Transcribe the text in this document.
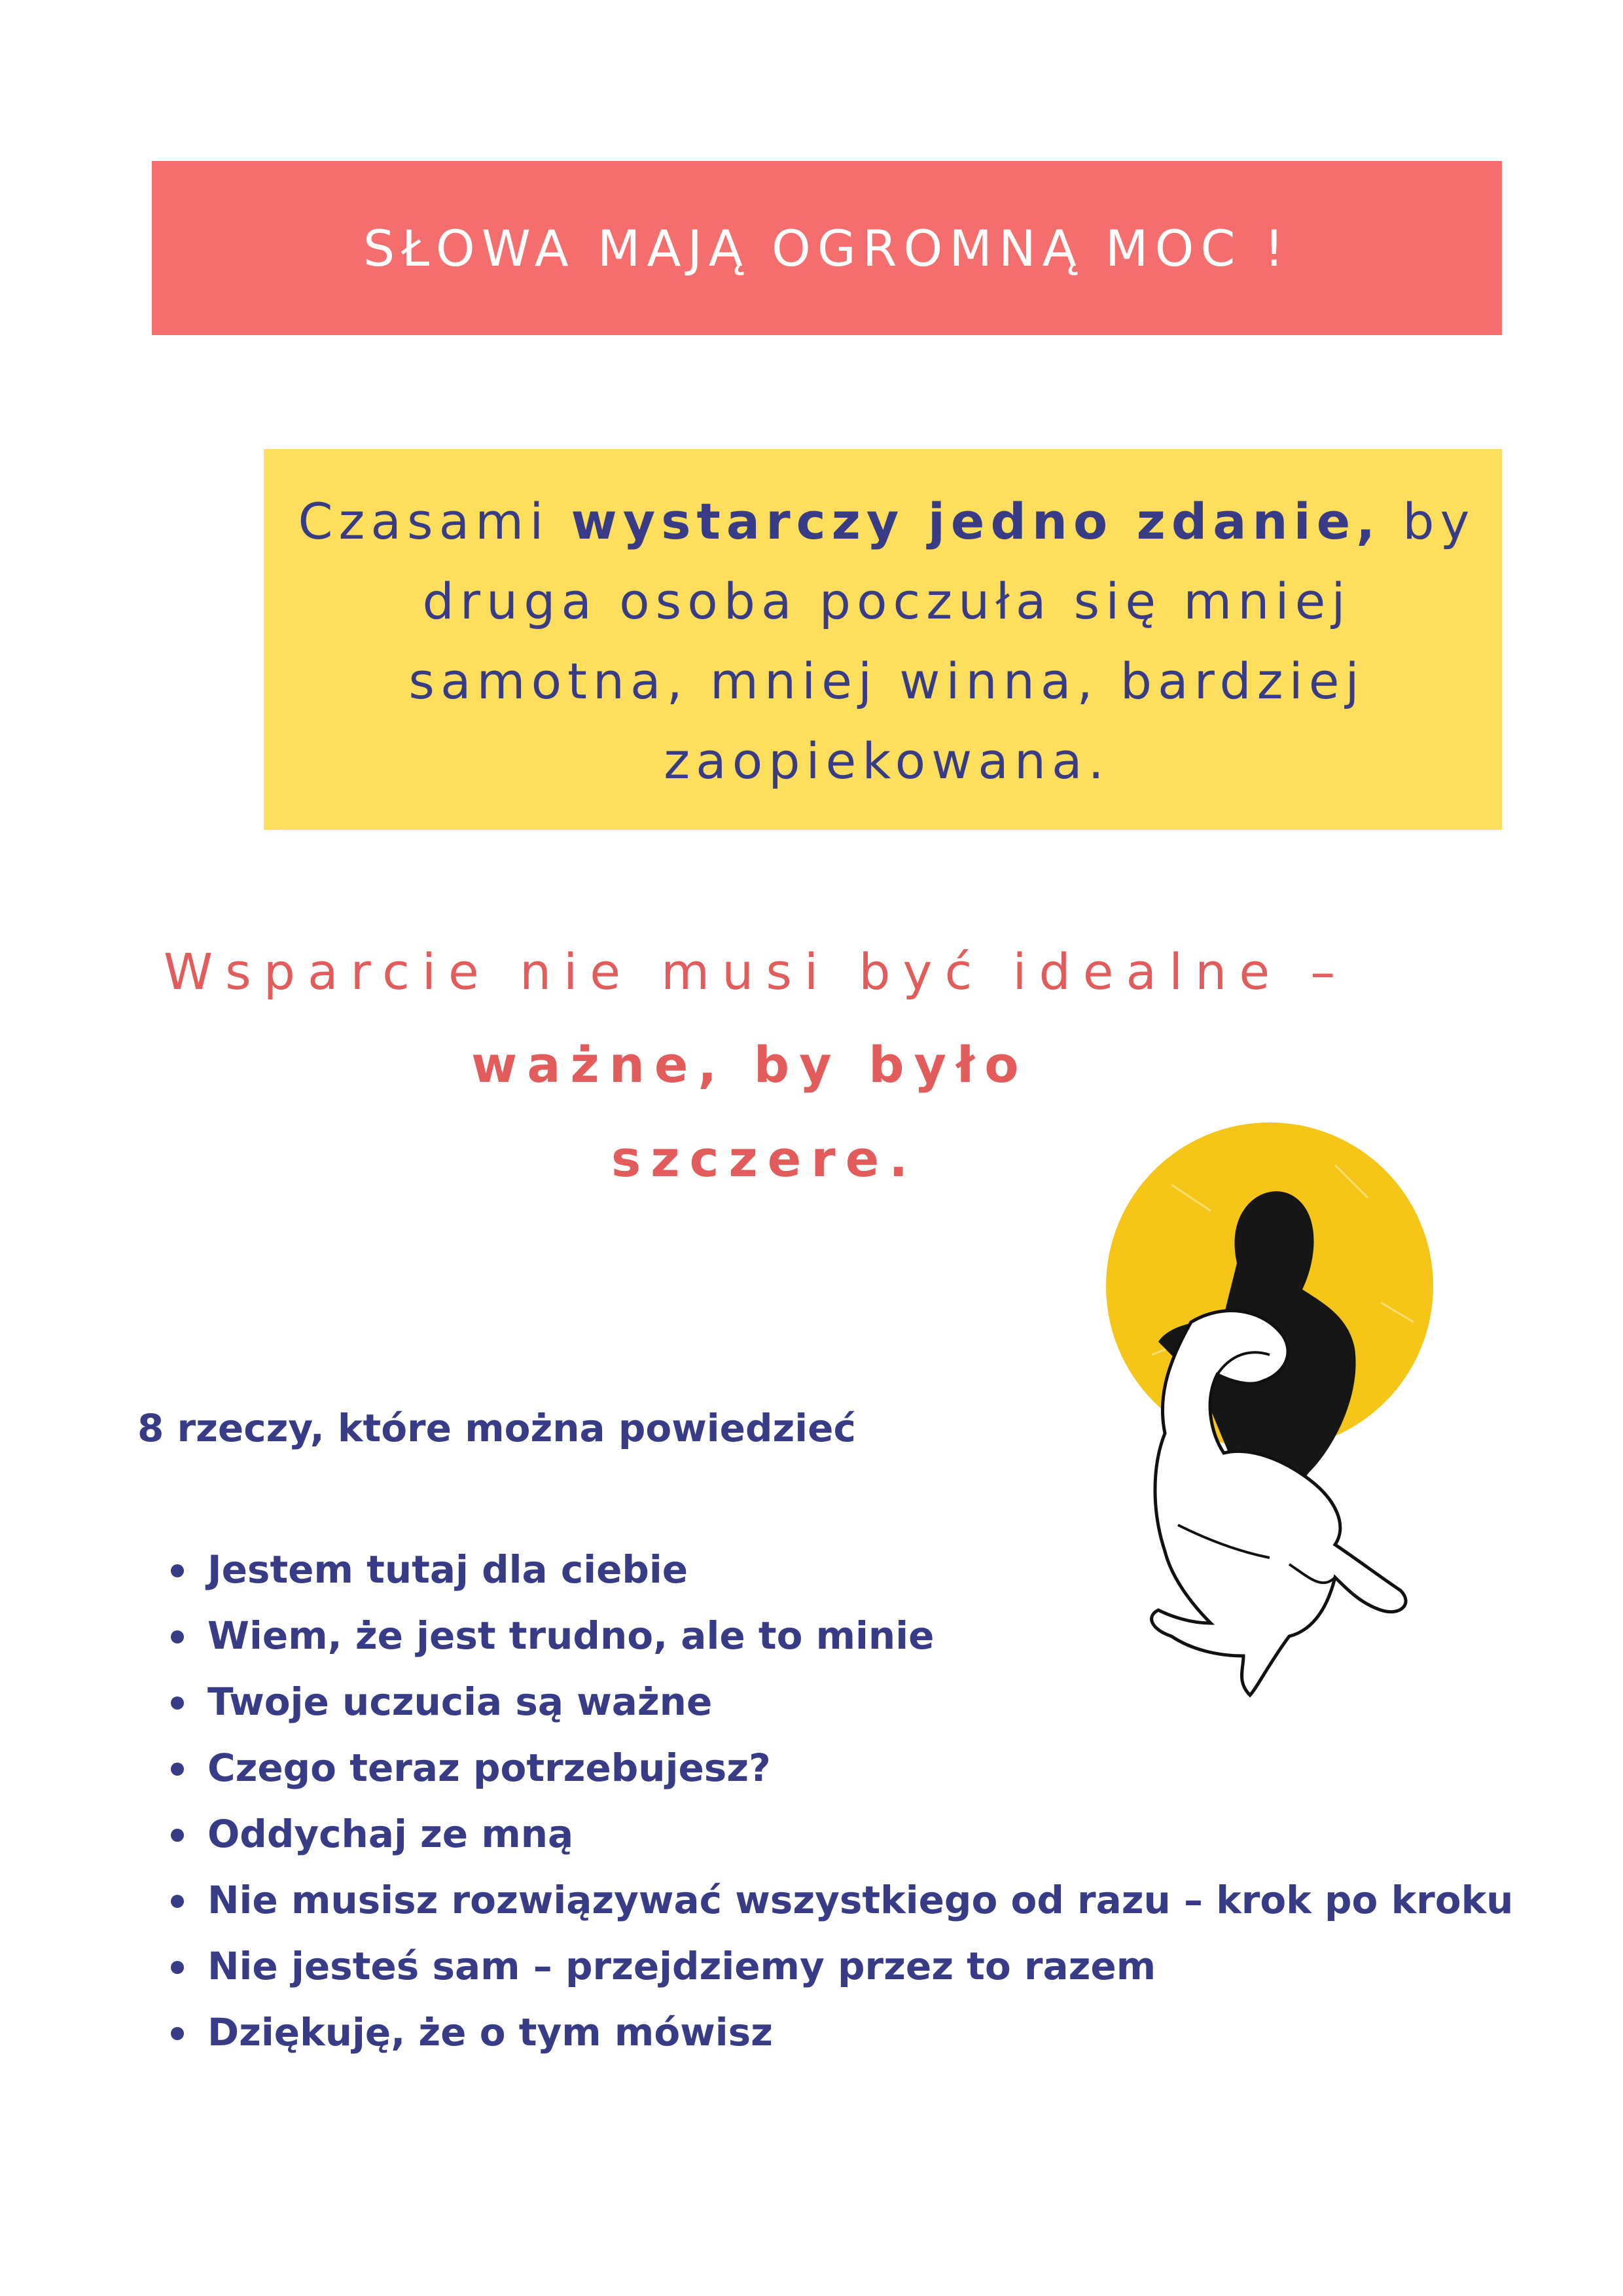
SŁOWA MAJĄ OGROMNĄ MOC !
Czasami wystarczy jedno zdanie, by druga osoba poczuła się mniej samotna, mniej winna, bardziej zaopiekowana.
Wsparcie nie musi być idealne –
ważne, by było
szczere.
8 rzeczy, które można powiedzieć
Jestem tutaj dla ciebie
Wiem, że jest trudno, ale to minie
Twoje uczucia są ważne
Czego teraz potrzebujesz?
Oddychaj ze mną
Nie musisz rozwiązywać wszystkiego od razu – krok po kroku
Nie jesteś sam – przejdziemy przez to razem
Dziękuję, że o tym mówisz
